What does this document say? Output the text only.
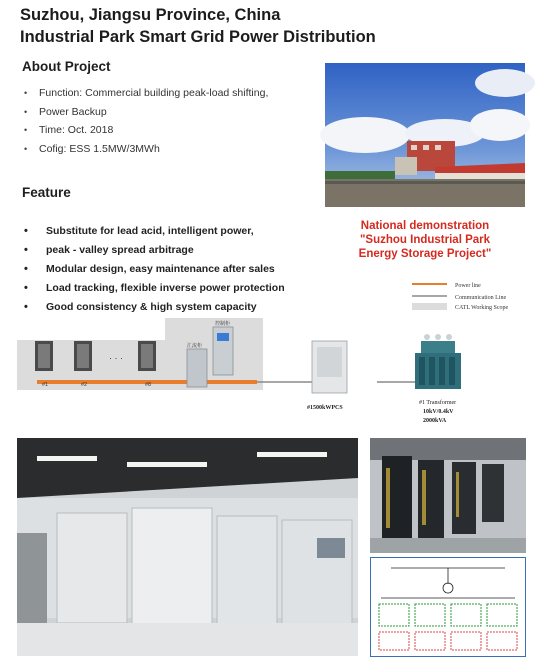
Suzhou, Jiangsu Province, China
Industrial Park Smart Grid Power Distribution
About Project
• Function: Commercial building peak-load shifting,
• Power Backup
• Time: Oct. 2018
• Cofig: ESS 1.5MW/3MWh
Feature
• Substitute for lead acid, intelligent power,
• peak - valley spread arbitrage
• Modular design, easy maintenance after sales
• Load tracking, flexible inverse power protection
• Good consistency & high system capacity
National demonstration
"Suzhou Industrial Park
Energy Storage Project"
Power line
Communication Line
CATL Working Scope
#1	#2	#8
· · ·
汇流柜
控制柜
#1500kWPCS
#1 Transformer
10kV/0.4kV
2000kVA
